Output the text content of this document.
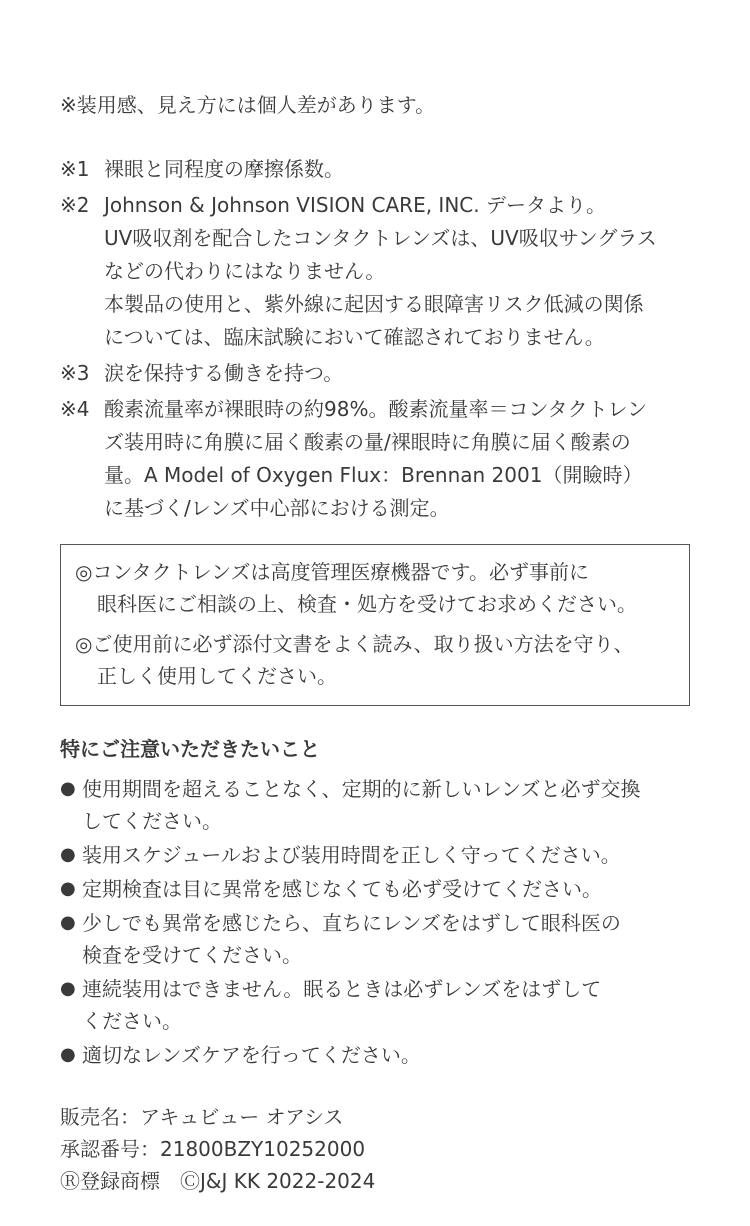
※装用感、見え方には個人差があります。
※1 裸眼と同程度の摩擦係数。
※2 Johnson & Johnson VISION CARE, INC. データより。
UV吸収剤を配合したコンタクトレンズは、UV吸収サングラス
などの代わりにはなりません。
本製品の使用と、紫外線に起因する眼障害リスク低減の関係
については、臨床試験において確認されておりません。
※3 涙を保持する働きを持つ。
※4 酸素流量率が裸眼時の約98%。酸素流量率＝コンタクトレン
ズ装用時に角膜に届く酸素の量/裸眼時に角膜に届く酸素の
量。A Model of Oxygen Flux：Brennan 2001（開瞼時）
に基づく/レンズ中心部における測定。
◎コンタクトレンズは高度管理医療機器です。必ず事前に
眼科医にご相談の上、検査・処方を受けてお求めください。
◎ご使用前に必ず添付文書をよく読み、取り扱い方法を守り、
正しく使用してください。
特にご注意いただきたいこと
● 使用期間を超えることなく、定期的に新しいレンズと必ず交換
してください。
● 装用スケジュールおよび装用時間を正しく守ってください。
● 定期検査は目に異常を感じなくても必ず受けてください。
● 少しでも異常を感じたら、直ちにレンズをはずして眼科医の
検査を受けてください。
● 連続装用はできません。眠るときは必ずレンズをはずして
ください。
● 適切なレンズケアを行ってください。
販売名：アキュビュー オアシス
承認番号：21800BZY10252000
Ⓡ登録商標　ⒸJ&J KK 2022-2024
